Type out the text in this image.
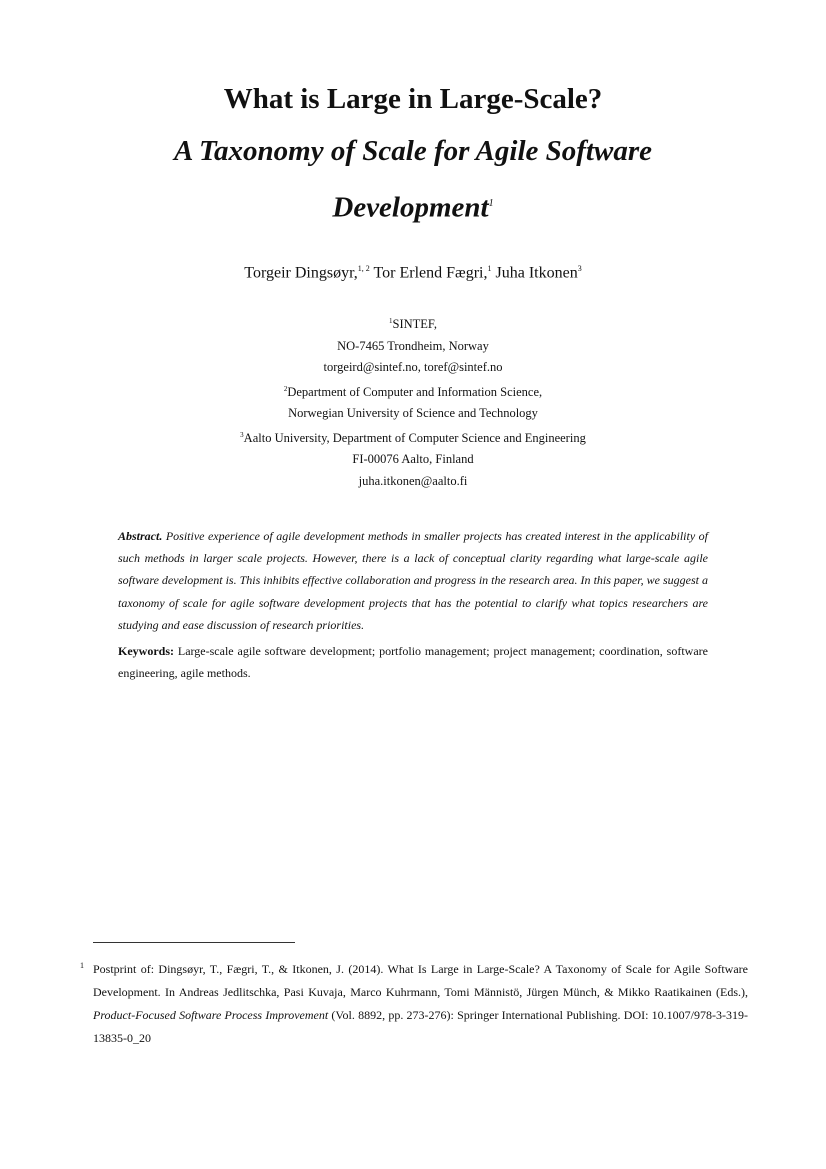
What is Large in Large-Scale?
A Taxonomy of Scale for Agile Software
Development$^1$
Torgeir Dingsøyr,$^{1, 2}$ Tor Erlend Fægri,$^1$ Juha Itkonen$^3$
$^1$SINTEF,
NO-7465 Trondheim, Norway
torgeird@sintef.no, toref@sintef.no
$^2$Department of Computer and Information Science,
Norwegian University of Science and Technology
$^3$Aalto University, Department of Computer Science and Engineering
FI-00076 Aalto, Finland
juha.itkonen@aalto.fi
Abstract. Positive experience of agile development methods in smaller projects has created interest in the applicability of such methods in larger scale projects. However, there is a lack of conceptual clarity regarding what large-scale agile software development is. This inhibits effective collaboration and progress in the research area. In this paper, we suggest a taxonomy of scale for agile software development projects that has the potential to clarify what topics researchers are studying and ease discussion of research priorities.
Keywords: Large-scale agile software development; portfolio management; project management; coordination, software engineering, agile methods.
1 Postprint of: Dingsøyr, T., Fægri, T., & Itkonen, J. (2014). What Is Large in Large-Scale? A Taxonomy of Scale for Agile Software Development. In Andreas Jedlitschka, Pasi Kuvaja, Marco Kuhrmann, Tomi Männistö, Jürgen Münch, & Mikko Raatikainen (Eds.), Product-Focused Software Process Improvement (Vol. 8892, pp. 273-276): Springer International Publishing. DOI: 10.1007/978-3-319-13835-0_20
